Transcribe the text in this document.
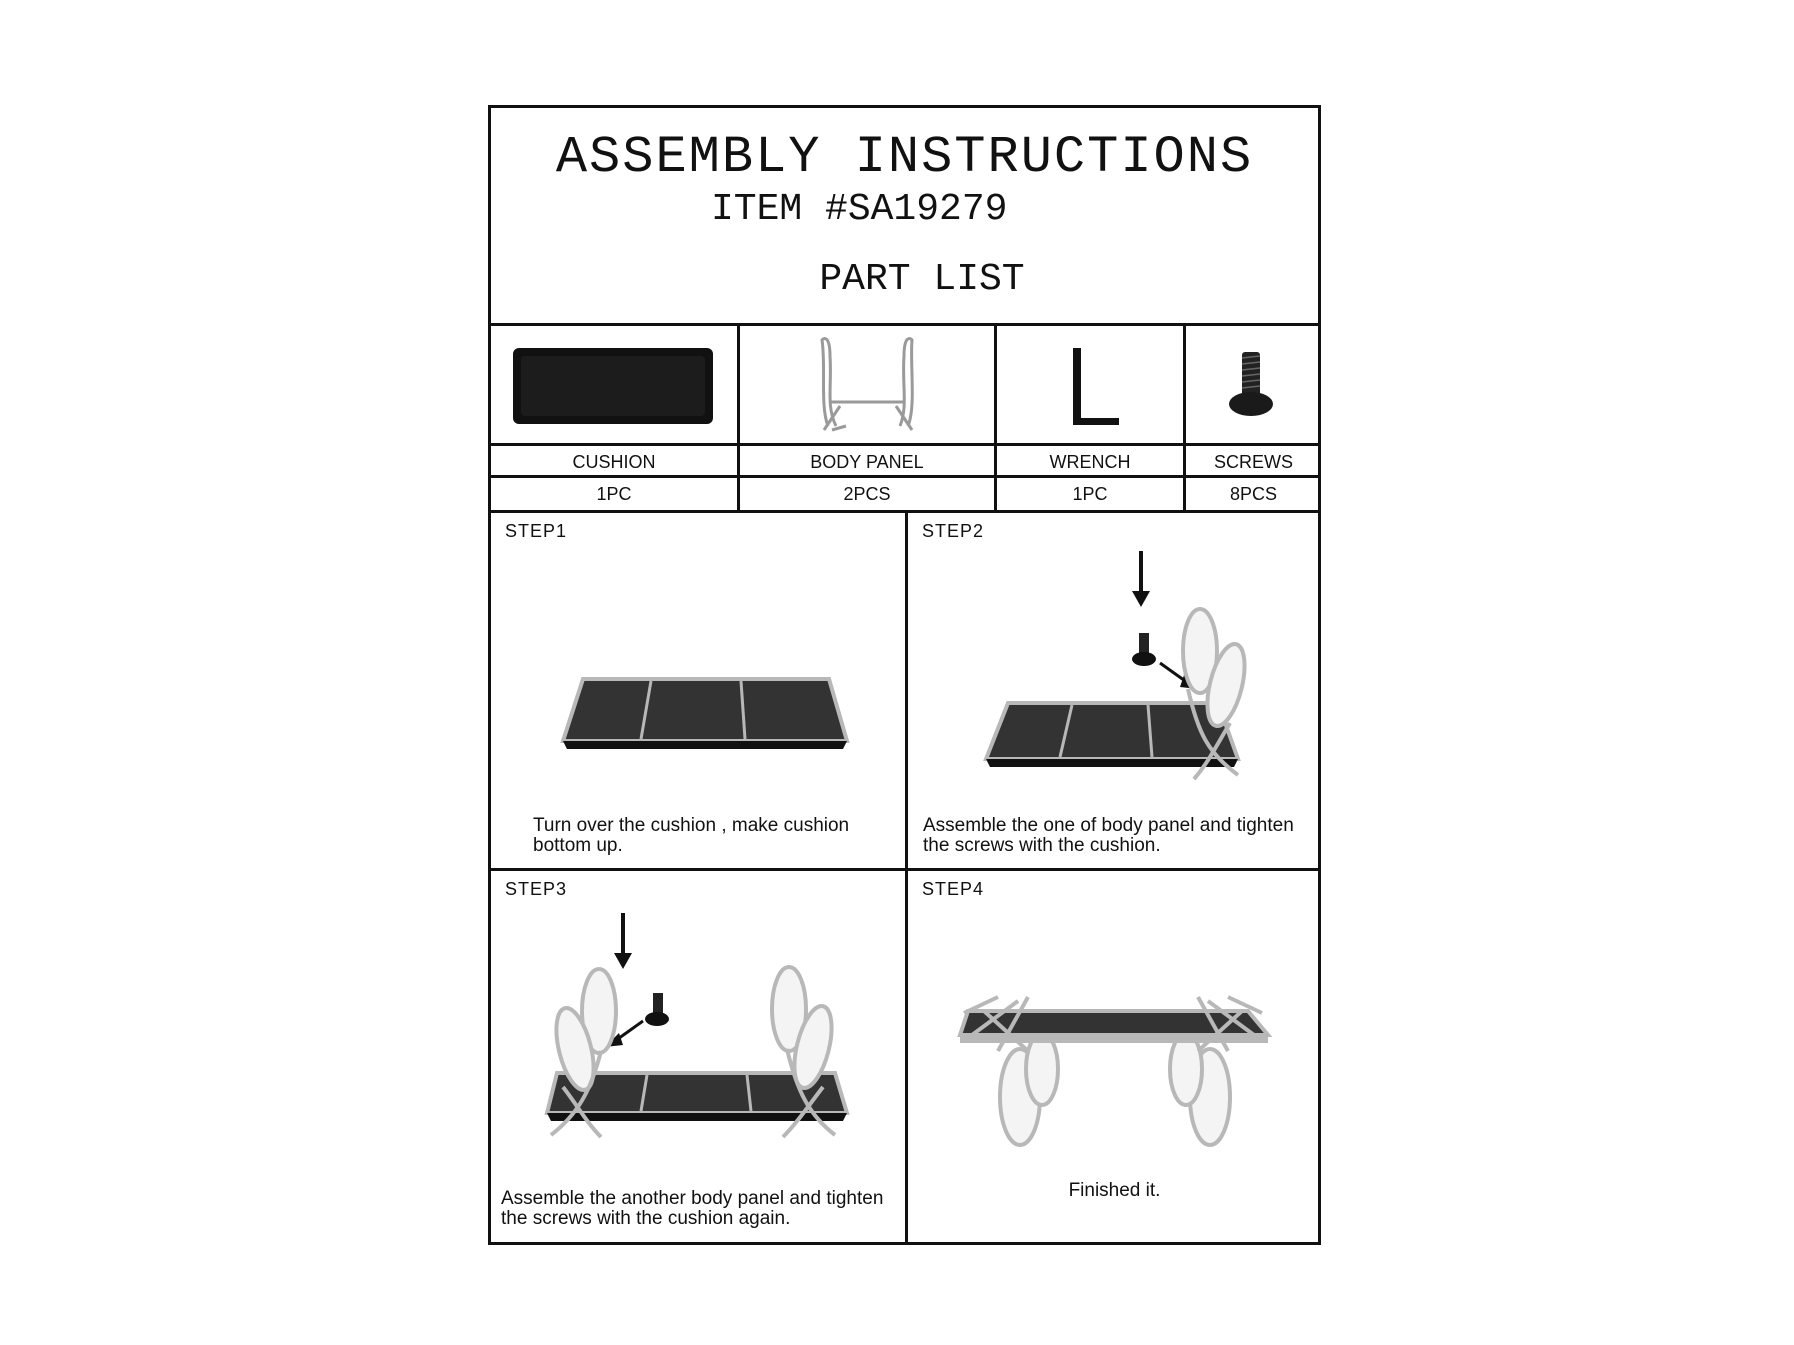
ASSEMBLY INSTRUCTIONS
ITEM #SA19279
PART LIST
CUSHION
1PC
BODY PANEL
2PCS
WRENCH
1PC
SCREWS
8PCS
STEP1
Turn over the cushion , make cushion bottom up.
STEP2
Assemble the one of body panel and tighten the screws with the cushion.
STEP3
Assemble the another body panel and tighten the screws with the cushion again.
STEP4
Finished it.
